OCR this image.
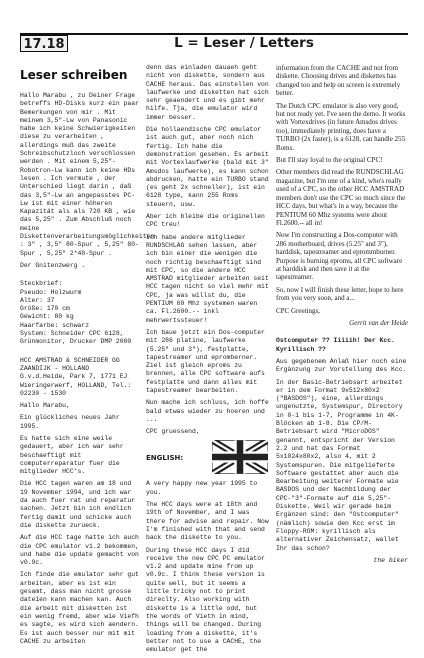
17.18	L = Leser / Letters
Leser schreiben

Hallo Marabu , zu Deiner Frage betreffs HD-Disks kurz ein paar Bemerkungen von mir . Mit meinem 3,5"-Lw von Panasonic habe ich keine Schwierigkeiten diese zu verarbeiten , allerdings muß das zweite Schreibschutzloch verschlossen werden . Mit einem 5,25"-Robotron-Lw kann ich keine HDs lesen . Ich vermute , der Unterschied liegt darin , daß das 3,5"-Lw an angepasstes PC-Lw ist mit einer höheren Kapazität als als 720 KB , wie das 5,25" . Zum Abschluß noch meine Diskettenverarbeitungsmöglichkeiten : 3" , 3,5" 80-Spur , 5,25" 80-Spur , 5,25" 2*40-Spur .

Der Gnitenzwerg .

Steckbrief:
Pseudo: Holzwurm
Alter: 37
Größe: 170 cm
Gewicht: 80 kg
Haarfarbe: schwarz
System: Schneider CPC 6128, Grünmonitor, Drucker DMP 2000

HCC AMSTRAD & SCHNEIDER GG
ZAANDIJK - HOLLAND
G.v.d.Heide, Park 7, 1771 EJ Wieringerwerf, HOLLAND, Tel.: 02230 - 1530

Hallo Marabu,

Ein glückliches neues Jahr 1995.

Es hatte sich eine weile gedauert, aber ich war sehr beschaeftigt mit computerreparatur fuer die mitglieder HCC's.

Die HCC tagen waren am 18 und 19 November 1994, und ich war da auch fuer rat und reparatur sachen. Jetzt bin ich endlich fertig damit und schicke auch die diskette zurueck.

Auf die HCC tage hatte ich auch die CPC emulator v1.2 bekommen, und habe die update gemacht von v0.9c.

Ich finde die emulator sehr gut arbeiten, aber es ist ein gesamt, dass man nicht grosse dateien kann machen kan. Auch die arbeit mit disketten ist ein wenig fremd, aber wie Viefh es sagte, es wird sich aendern. Es ist auch besser nur mit mit CACHE zu arbeiten

denn das einladen dauaeh geht nicht von diskette, sondern aus CACHE heraus. Das einstellen von laufwerke und disketten hat sich sehr geaendert und es gibt mehr hilfe. Tja, die emulator wird immer besser.

Die hollaendische CPC emulator ist auch gut, aber noch nich fertig. Ich habe die demonstration gesehen. Es arbeit mit Vortexlaufwerke (bald mit 3" Amsdos laufwerke), es kann schon abdrucken, hatte ein TURBO stand (es geht 2x schneller), ist ein 6128 type, kann 255 Roms steuern, usw.

Aber ich bleibe die originellen CPC treu!

Ich habe andere mitglieder RUNDSCHLAG sehen lassen, aber ich bin einer die wenigen die noch richtig beschaeftigt sind mit CPC, so die andere HCC AMSTRAD mitglieder arbeiten seit HCC tagen nicht so viel mehr mit CPC, ja was willst du, die PENTIUM 60 Mhz systemen waren ca. Fl.2600.-- inkl mehrwertssteuer!

Ich baue jetzt ein Dos-computer mit 286 platine, laufwerke (5.25" und 3"), festplatte, tapestreamer und epromberner. Ziel ist gleich eproms zu brennen, alle CPC software aufs festplatte und dann alles mit tapestreamer bearbeiten.

Nun mache ich schluss, ich hoffe bald etwas wieder zu hoeren und ...

CPC gruessend,

ENGLISH:

A very happy new year 1995 to you.

The HCC days were at 18th and 19th of November, and I was there for advise and repair. Now I'm finished with that and send back the diskette to you.

During these HCC days I did receive the new CPC PC emulator v1.2 and update mine from up v0.9c. I think these version is quite well, but it seems a little tricky not to print direclty. Also working with diskette is a little odd, but the words of Vieth in mind, things will be changed. During loading from a diskette, it's better not to use a CACHE, the emulator get the

information from the CACHE and not from diskette. Choosing drives and diskettes has changed too and help on screen is extremely better.

The Dutch CPC emulator is also very good, but not ready yet. I've seen the demo. It works with Vortexdrives (in future Amsdos drives too), immediately printing, does have a TURBO (2x faster), is a 6128, can handle 255 Roms.

But I'll stay loyal to the original CPC!

Other members did read the RUNDSCHLAG magazine, but I'm one of a kind, who's really used of a CPC, so the other HCC AMSTRAD members don't use the CPC so much since the HCC days, but what's in a way, because the PENTIUM 60 Mhz systems were about Fl.2600.-- all in!

Now I'm constructing a Dos-computer with 286 motherboard, drives (5.25" and 3"), harddisk, tapestreamer and eprommburner. Purpose is burning eproms, all CPC software at harddisk and then save it at the tapestreamer.

So, now I will finish these letter, hope to here from you very soon, and a...

CPC Greetings,

Gerrit van der Heide

Ostcomputer ?? Iiiiih! Der Kcc. Kyrillisch ??

Aus gegebenem Anlaß hier noch eine Ergänzung zur Vorstellung des Kcc.

In der Basic-Betriebsart arbeitet er in dem Format 9x512x80x2 ("BASDOS"), eine, allerdings ungenutzte, Systemspur, Directory in 0-1 bis 1-7, Programme in 4K-Blöcken ab 1-8. Die CP/M-Betriebsart wird "MicroDOS" genannt, entspricht der Version 2.2 und hat das Format 5x1024x80x2, also 4, mit 2 Systemspuren. Die mitgelieferte Software gestattet aber auch die Bearbeitung weiterer Formate wie BASDOS und der Nachbildung der CPC-"3"-Formate auf die 5,25"-Diskette. Weil wir gerade beim Ergänzen sind: den "Ostcomputer" (nämlich) sowie den Kcc erst im Floppy-ROM: kyrillisch als alternativer Zeichensatz, wallet Ihr das schon?

the biker
